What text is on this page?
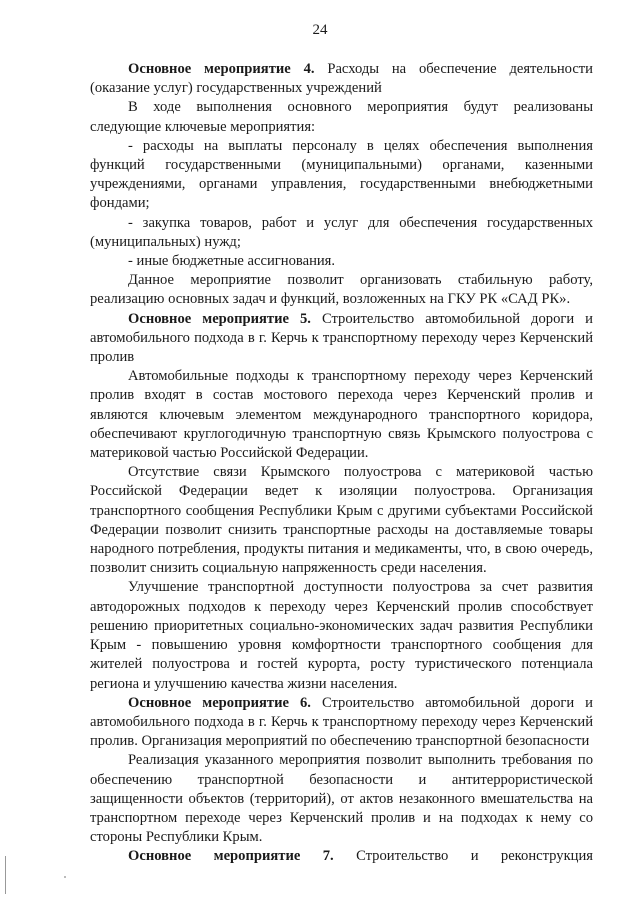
24

Основное мероприятие 4. Расходы на обеспечение деятельности (оказание услуг) государственных учреждений

В ходе выполнения основного мероприятия будут реализованы следующие ключевые мероприятия:

- расходы на выплаты персоналу в целях обеспечения выполнения функций государственными (муниципальными) органами, казенными учреждениями, органами управления, государственными внебюджетными фондами;

- закупка товаров, работ и услуг для обеспечения государственных (муниципальных) нужд;

- иные бюджетные ассигнования.

Данное мероприятие позволит организовать стабильную работу, реализацию основных задач и функций, возложенных на ГКУ РК «САД РК».

Основное мероприятие 5. Строительство автомобильной дороги и автомобильного подхода в г. Керчь к транспортному переходу через Керченский пролив

Автомобильные подходы к транспортному переходу через Керченский пролив входят в состав мостового перехода через Керченский пролив и являются ключевым элементом международного транспортного коридора, обеспечивают круглогодичную транспортную связь Крымского полуострова с материковой частью Российской Федерации.

Отсутствие связи Крымского полуострова с материковой частью Российской Федерации ведет к изоляции полуострова. Организация транспортного сообщения Республики Крым с другими субъектами Российской Федерации позволит снизить транспортные расходы на доставляемые товары народного потребления, продукты питания и медикаменты, что, в свою очередь, позволит снизить социальную напряженность среди населения.

Улучшение транспортной доступности полуострова за счет развития автодорожных подходов к переходу через Керченский пролив способствует решению приоритетных социально-экономических задач развития Республики Крым - повышению уровня комфортности транспортного сообщения для жителей полуострова и гостей курорта, росту туристического потенциала региона и улучшению качества жизни населения.

Основное мероприятие 6. Строительство автомобильной дороги и автомобильного подхода в г. Керчь к транспортному переходу через Керченский пролив. Организация мероприятий по обеспечению транспортной безопасности

Реализация указанного мероприятия позволит выполнить требования по обеспечению транспортной безопасности и антитеррористической защищенности объектов (территорий), от актов незаконного вмешательства на транспортном переходе через Керченский пролив и на подходах к нему со стороны Республики Крым.

Основное мероприятие 7. Строительство и реконструкция
